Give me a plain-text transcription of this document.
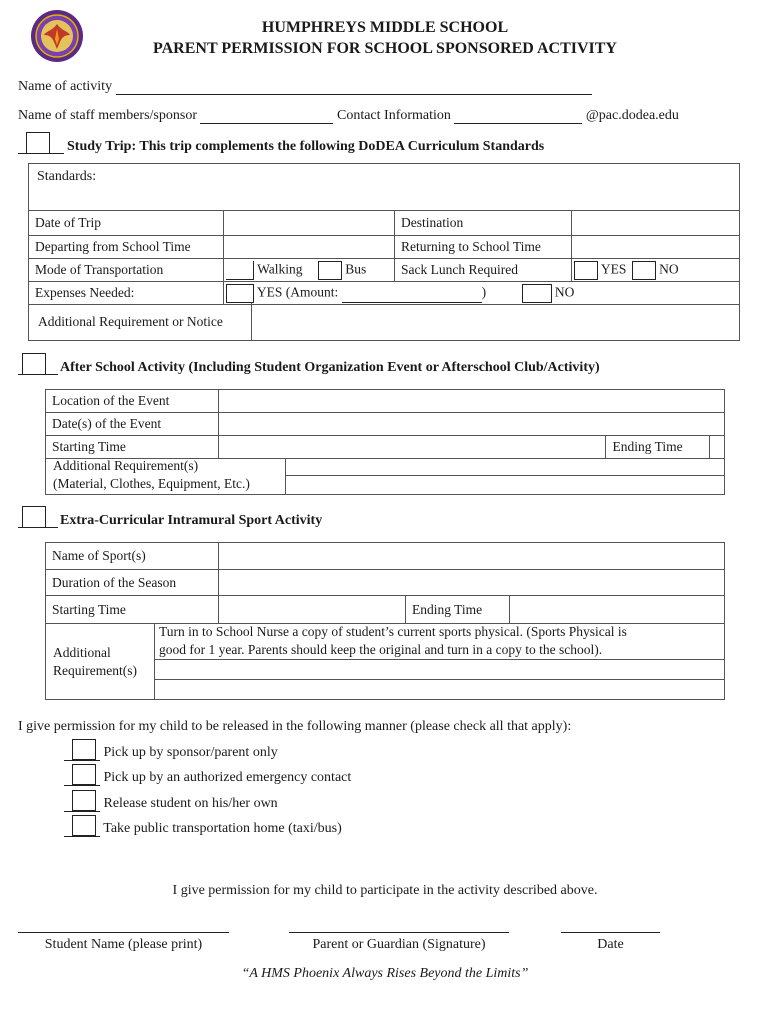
HUMPHREYS MIDDLE SCHOOL
PARENT PERMISSION FOR SCHOOL SPONSORED ACTIVITY
Name of activity
Name of staff members/sponsor	Contact Information	@pac.dodea.edu
Study Trip: This trip complements the following DoDEA Curriculum Standards
Standards:
Date of Trip		Destination	
Departing from School Time		Returning to School Time	
Mode of Transportation	Walking Bus	Sack Lunch Required	YES NO
Expenses Needed:	YES (Amount: ) NO		
Additional Requirement or Notice
After School Activity (Including Student Organization Event or Afterschool Club/Activity)
Location of the Event			
Date(s) of the Event			
Starting Time		Ending Time	
Additional Requirement(s)
(Material, Clothes, Equipment, Etc.)
Extra-Curricular Intramural Sport Activity
Name of Sport(s)			
Duration of the Season			
Starting Time		Ending Time	
Additional
Requirement(s)
Turn in to School Nurse a copy of student’s current sports physical. (Sports Physical is
good for 1 year. Parents should keep the original and turn in a copy to the school).
I give permission for my child to be released in the following manner (please check all that apply):
Pick up by sponsor/parent only
Pick up by an authorized emergency contact
Release student on his/her own
Take public transportation home (taxi/bus)
I give permission for my child to participate in the activity described above.
Student Name (please print)	Parent or Guardian (Signature)	Date
“A HMS Phoenix Always Rises Beyond the Limits”
